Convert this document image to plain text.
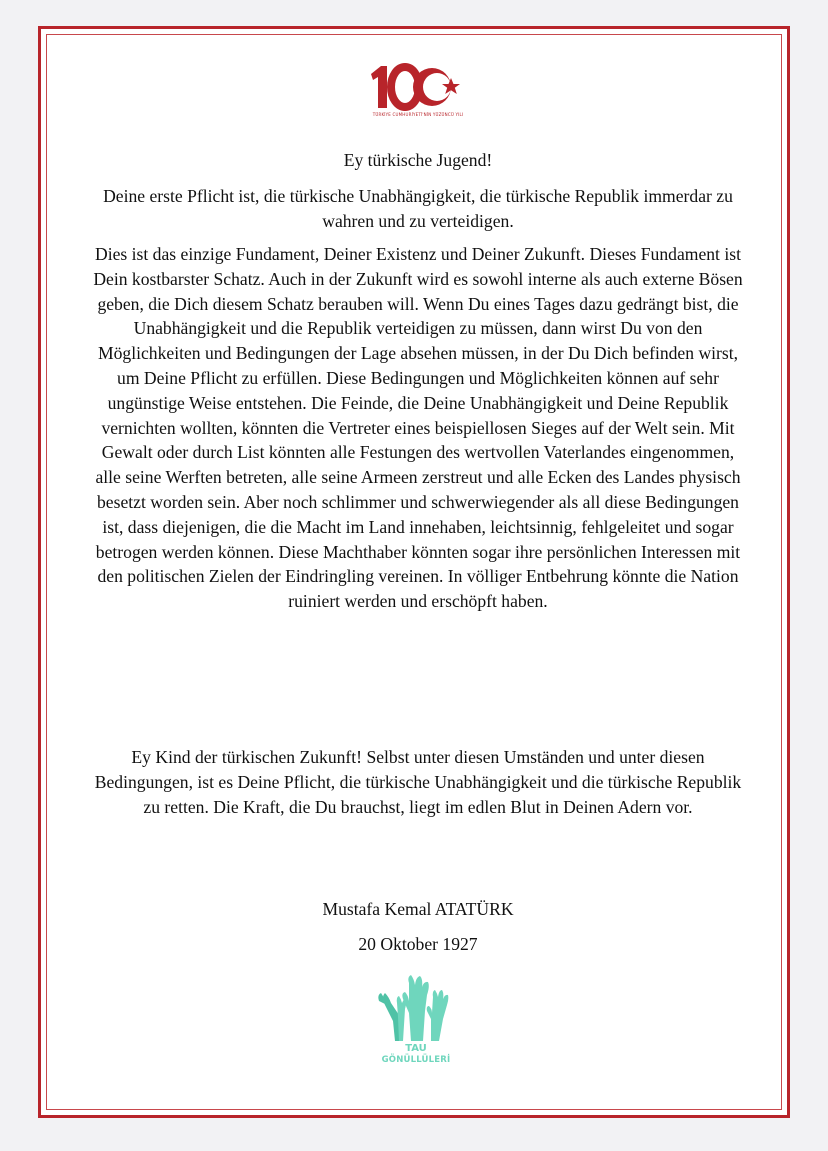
TÜRKİYE CUMHURİYETİ'NİN YÜZÜNCÜ YILI

Ey türkische Jugend!

Deine erste Pflicht ist, die türkische Unabhängigkeit, die türkische Republik immerdar zu wahren und zu verteidigen.

Dies ist das einzige Fundament, Deiner Existenz und Deiner Zukunft. Dieses Fundament ist Dein kostbarster Schatz. Auch in der Zukunft wird es sowohl interne als auch externe Bösen geben, die Dich diesem Schatz berauben will. Wenn Du eines Tages dazu gedrängt bist, die Unabhängigkeit und die Republik verteidigen zu müssen, dann wirst Du von den Möglichkeiten und Bedingungen der Lage absehen müssen, in der Du Dich befinden wirst, um Deine Pflicht zu erfüllen. Diese Bedingungen und Möglichkeiten können auf sehr ungünstige Weise entstehen. Die Feinde, die Deine Unabhängigkeit und Deine Republik vernichten wollten, könnten die Vertreter eines beispiellosen Sieges auf der Welt sein. Mit Gewalt oder durch List könnten alle Festungen des wertvollen Vaterlandes eingenommen, alle seine Werften betreten, alle seine Armeen zerstreut und alle Ecken des Landes physisch besetzt worden sein. Aber noch schlimmer und schwerwiegender als all diese Bedingungen ist, dass diejenigen, die die Macht im Land innehaben, leichtsinnig, fehlgeleitet und sogar betrogen werden können. Diese Machthaber könnten sogar ihre persönlichen Interessen mit den politischen Zielen der Eindringling vereinen. In völliger Entbehrung könnte die Nation ruiniert werden und erschöpft haben.

Ey Kind der türkischen Zukunft! Selbst unter diesen Umständen und unter diesen Bedingungen, ist es Deine Pflicht, die türkische Unabhängigkeit und die türkische Republik zu retten. Die Kraft, die Du brauchst, liegt im edlen Blut in Deinen Adern vor.

Mustafa Kemal ATATÜRK

20 Oktober 1927

TAU
GÖNÜLLÜLERİ
